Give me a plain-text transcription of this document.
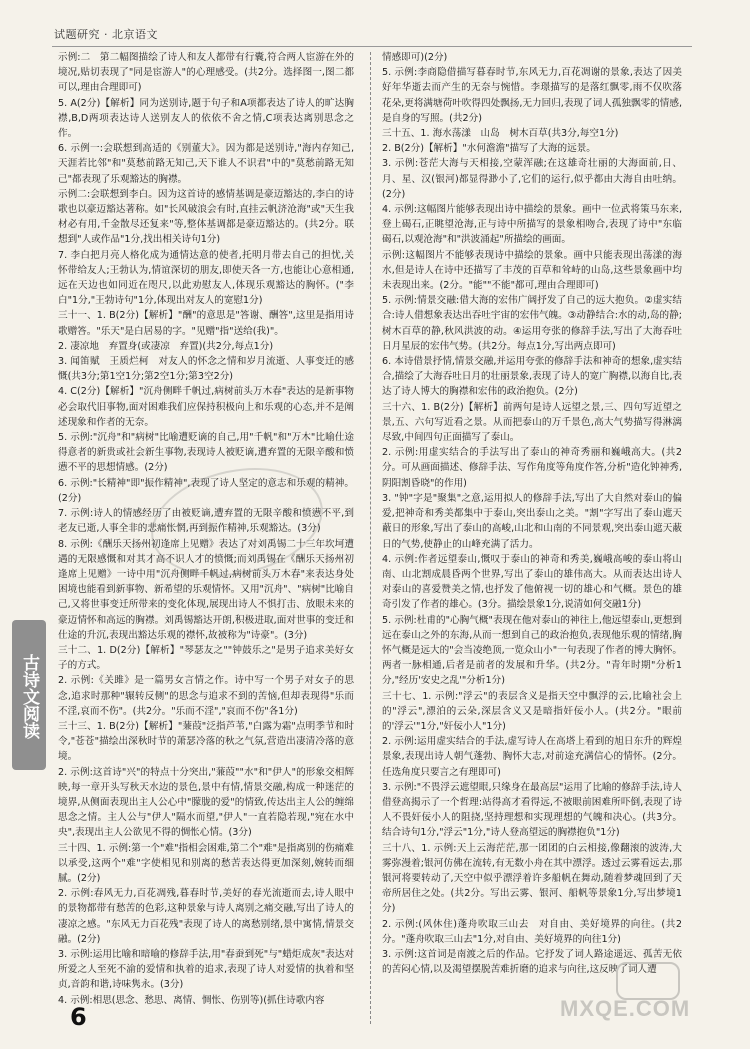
试题研究 · 北京语文

示例:二　第二幅图描绘了诗人和友人都带有行囊,符合两人宦游在外的境况,贴切表现了"同是宦游人"的心理感受。(共2分。选择图一,图二都可以,理由合理即可)

5. A(2分)【解析】同为送别诗,题于句子和A项都表达了诗人的旷达胸襟,B,D两项表达诗人送别友人的依依不舍之情,C项表达离别思念之作。

6. 示例一:会联想到高适的《别董大》。因为都是送别诗,"海内存知己,天涯若比邻"和"莫愁前路无知己,天下谁人不识君"中的"莫愁前路无知己"都表现了乐观豁达的胸襟。

示例二:会联想到李白。因为这首诗的感情基调是豪迈豁达的,李白的诗歌也以豪迈豁达著称。如"长风破浪会有时,直挂云帆济沧海"或"天生我材必有用,千金散尽还复来"等,整体基调都是豪迈豁达的。(共2分。联想到"人或作品"1分,找出相关诗句1分)

7. 李白把月亮人格化成为通情达意的使者,托明月带去自己的担忧,关怀带给友人;王勃认为,情谊深切的朋友,即使天各一方,也能让心意相通,远在天边也如同近在咫尺,以此劝慰友人,体现乐观豁达的胸怀。("李白"1分,"王勃诗句"1分,体现出对友人的宽慰1分)

三十一、1. B(2分)【解析】"酬"的意思是"答谢、酬答",这里是指用诗歌赠答。"乐天"是白居易的字。"见赠"指"送给(我)"。

2. 凄凉地　弃置身(或凄凉　弃置)(共2分,每点1分)

3. 闻笛赋　王质烂柯　对友人的怀念之情和岁月流逝、人事变迁的感慨(共3分;第1空1分;第2空1分;第3空2分)

4. C(2分)【解析】"沉舟侧畔千帆过,病树前头万木春"表达的是新事物必会取代旧事物,面对困难我们应保持积极向上和乐观的心态,并不是阐述现象和作者的无奈。

5. 示例:"沉舟"和"病树"比喻遭贬谪的自己,用"千帆"和"万木"比喻仕途得意者的新贵或社会新生事物,表现诗人被贬谪,遭弃置的无限辛酸和愤懑不平的思想情感。(2分)

6. 示例:"长精神"即"振作精神",表现了诗人坚定的意志和乐观的精神。(2分)

7. 示例:诗人的情感经历了由被贬谪,遭弃置的无限辛酸和愤懑不平,到老友已逝,人事全非的悲痛怅惘,再到振作精神,乐观豁达。(3分)

8. 示例:《酬乐天扬州初逢席上见赠》表达了对刘禹锡二十三年坎坷遭遇的无限感慨和对其才高不识人才的愤慨;而刘禹锡在《酬乐天扬州初逢席上见赠》一诗中用"沉舟侧畔千帆过,病树前头万木春"来表达身处困境也能看到新事物、新希望的乐观情怀。又用"沉舟"、"病树"比喻自己,又将世事变迁所带来的变化体现,展现出诗人不惧打击、放眼未来的豪迈情怀和高远的胸襟。刘禹锡豁达开朗,积极进取,面对世事的变迁和仕途的升沉,表现出豁达乐观的襟怀,故被称为"诗豪"。(3分)

三十二、1. D(2分)【解析】"琴瑟友之""钟鼓乐之"是男子追求美好女子的方式。

2. 示例:《关雎》是一篇男女言情之作。诗中写一个男子对女子的思念,追求时那种"辗转反侧"的思念与追求不到的苦恼,但却表现得"乐而不淫,哀而不伤"。(共2分。"乐而不淫","哀而不伤"各1分)

三十三、1. B(2分)【解析】"蒹葭"泛指芦苇,"白露为霜"点明季节和时令,"苍苍"描绘出深秋时节的萧瑟冷落的秋之气氛,营造出凄清冷落的意境。

2. 示例:这首诗"兴"的特点十分突出,"蒹葭""水"和"伊人"的形象交相辉映,每一章开头写秋天水边的景色,景中有情,情景交融,构成一种迷茫的境界,从侧面表现出主人公心中"朦胧的爱"的情致,传达出主人公的缠绵思念之情。主人公与"伊人"隔水而望,"伊人"一直若隐若现,"宛在水中央",表现出主人公欲见不得的惆怅心情。(3分)

三十四、1. 示例:第一个"难"指相会困难,第二个"难"是指离别的伤痛难以承受,这两个"难"字使相见和别离的愁苦表达得更加深刻,婉转而细腻。(2分)

2. 示例:春风无力,百花凋残,暮春时节,美好的春光流逝而去,诗人眼中的景物都带有愁苦的色彩,这种景象与诗人离别之痛交融,写出了诗人的凄凉之感。"东风无力百花残"表现了诗人的离愁别绪,景中寓情,情景交融。(2分)

3. 示例:运用比喻和暗喻的修辞手法,用"春蚕到死"与"蜡炬成灰"表达对所爱之人至死不渝的爱情和执着的追求,表现了诗人对爱情的执着和坚贞,音韵和谐,诗味隽永。(3分)

4. 示例:相思(思念、愁思、离情、惆怅、伤别等)(抓住诗歌内容

情感即可)(2分)

5. 示例:李商隐借描写暮春时节,东风无力,百花凋谢的景象,表达了因美好年华逝去而产生的无奈与惋惜。李璟描写的是落红飘零,雨不仅吹落花朵,更将满塘荷叶吹得四处飘扬,无力回归,表现了词人孤独飘零的情感,是自身的写照。(共2分)

三十五、1. 海水荡漾　山岛　树木百草(共3分,每空1分)

2. B(2分)【解析】"水何澹澹"描写了大海的远景。

3. 示例:苍茫大海与天相接,空蒙浑融;在这雄奇壮丽的大海面前,日、月、星、汉(银河)都显得渺小了,它们的运行,似乎都由大海自由吐纳。(2分)

4. 示例:这幅图片能够表现出诗中描绘的景象。画中一位武将策马东来,登上碣石,正眺望沧海,正与诗中所描写的景象相吻合,表现了诗中"东临碣石,以观沧海"和"洪波涌起"所描绘的画面。

示例:这幅图片不能够表现诗中描绘的景象。画中只能表现出荡漾的海水,但是诗人在诗中还描写了丰茂的百草和耸峙的山岛,这些景象画中均未表现出来。(2分。"能""不能"都可,理由合理即可)

5. 示例:情景交融:借大海的宏伟广阔抒发了自己的远大抱负。②虚实结合:诗人借想象表达出吞吐宇宙的宏伟气魄。③动静结合:水的动,岛的静;树木百草的静,秋风洪波的动。④运用夸张的修辞手法,写出了大海吞吐日月星辰的宏伟气势。(共2分。每点1分,写出两点即可)

6. 本诗借景抒情,情景交融,并运用夸张的修辞手法和神奇的想象,虚实结合,描绘了大海吞吐日月的壮丽景象,表现了诗人的宽广胸襟,以海自比,表达了诗人博大的胸襟和宏伟的政治抱负。(2分)

三十六、1. B(2分)【解析】前两句是诗人远望之景,三、四句写近望之景,五、六句写近看之景。从而把泰山的万千景色,高大气势描写得淋漓尽致,中间四句正面描写了泰山。

2. 示例:用虚实结合的手法写出了泰山的神奇秀丽和巍峨高大。(共2分。可从画面描述、修辞手法、写作角度等角度作答,分析"造化钟神秀,阴阳割昏晓"的作用)

3. "钟"字是"聚集"之意,运用拟人的修辞手法,写出了大自然对泰山的偏爱,把神奇和秀美都集中于泰山,突出泰山之美。"割"字写出了泰山遮天蔽日的形象,写出了泰山的高峻,山北和山南的不同景观,突出泰山遮天蔽日的气势,使静止的山峰充满了活力。

4. 示例:作者远望泰山,慨叹于泰山的神奇和秀美,巍峨高峻的泰山将山南、山北割成晨昏两个世界,写出了泰山的雄伟高大。从而表达出诗人对泰山的喜爱赞美之情,也抒发了他俯视一切的雄心和气概。景色的雄奇引发了作者的雄心。(3分。描绘景象1分,说清如何交融1分)

5. 示例:杜甫的"心胸气概"表现在他对泰山的神往上,他远望泰山,更想到远在泰山之外的东海,从而一想到自己的政治抱负,表现他乐观的情绪,胸怀气概是远大的"会当凌绝顶,一览众山小"一句表现了作者的博大胸怀。两者一脉相通,后者是前者的发展和升华。(共2分。"青年时期"分析1分,"经历'安史之乱'"分析1分)

三十七、1. 示例:"浮云"的表层含义是指天空中飘浮的云,比喻社会上的"浮云",漂泊的云朵,深层含义又是暗指奸佞小人。(共2分。"眼前的'浮云'"1分,"奸佞小人"1分)

2. 示例:运用虚实结合的手法,虚写诗人在高塔上看到的旭日东升的辉煌景象,表现出诗人朝气蓬勃、胸怀大志,对前途充满信心的情怀。(2分。任选角度只要言之有理即可)

3. 示例:"不畏浮云遮望眼,只缘身在最高层"运用了比喻的修辞手法,诗人借登高揭示了一个哲理:站得高才看得远,不被眼前困难所吓倒,表现了诗人不畏奸佞小人的阻挠,坚持理想和实现理想的气魄和决心。(共3分。结合诗句1分,"浮云"1分,"诗人登高望远的胸襟抱负"1分)

三十八、1. 示例:天上云海茫茫,那一团团的白云相接,像翻滚的波涛,大雾弥漫着;银河仿佛在流转,有无数小舟在其中漂浮。透过云雾看远去,那银河将要转动了,天空中似乎漂浮着许多船帆在舞动,随着梦魂回到了天帝所居住之处。(共2分。写出云雾、银河、船帆等景象1分,写出梦境1分)

2. 示例:(风休住)蓬舟吹取三山去　对自由、美好境界的向往。(共2分。"蓬舟吹取三山去"1分,对自由、美好境界的向往1分)

3. 示例:这首词是南渡之后的作品。它抒发了词人路途遥远、孤苦无依的苦闷心情,以及渴望摆脱苦难折磨的追求与向往,这反映了词人遭

古诗文阅读
6	MXQE.COM
